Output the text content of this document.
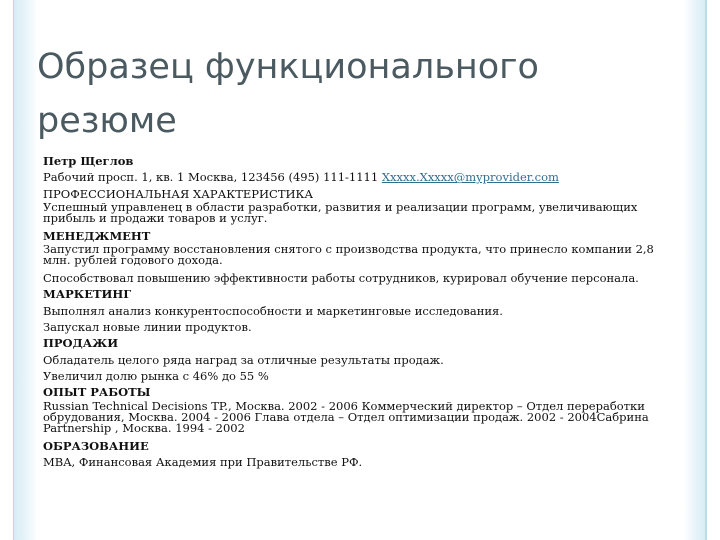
Образец функционального
резюме
Петр Щеглов
Рабочий просп. 1, кв. 1 Москва, 123456 (495) 111-1111 Xxxxx.Xxxxx@myprovider.com
ПРОФЕССИОНАЛЬНАЯ ХАРАКТЕРИСТИКА
Успешный управленец в области разработки, развития и реализации программ, увеличивающих прибыль и продажи товаров и услуг.
МЕНЕДЖМЕНТ
Запустил программу восстановления снятого с производства продукта, что принесло компании 2,8 млн. рублей годового дохода.
Способствовал повышению эффективности работы сотрудников, курировал обучение персонала.
МАРКЕТИНГ
Выполнял анализ конкурентоспособности и маркетинговые исследования.
Запускал новые линии продуктов.
ПРОДАЖИ
Обладатель целого ряда наград за отличные результаты продаж.
Увеличил долю рынка с 46% до 55 %
ОПЫТ РАБОТЫ
Russian Technical Decisions TP., Москва. 2002 - 2006 Коммерческий директор – Отдел переработки обрудования, Москва. 2004 - 2006 Глава отдела – Отдел оптимизации продаж. 2002 - 2004Сабрина Partnership , Москва. 1994 - 2002
ОБРАЗОВАНИЕ
MBA, Финансовая Академия при Правительстве РФ.
